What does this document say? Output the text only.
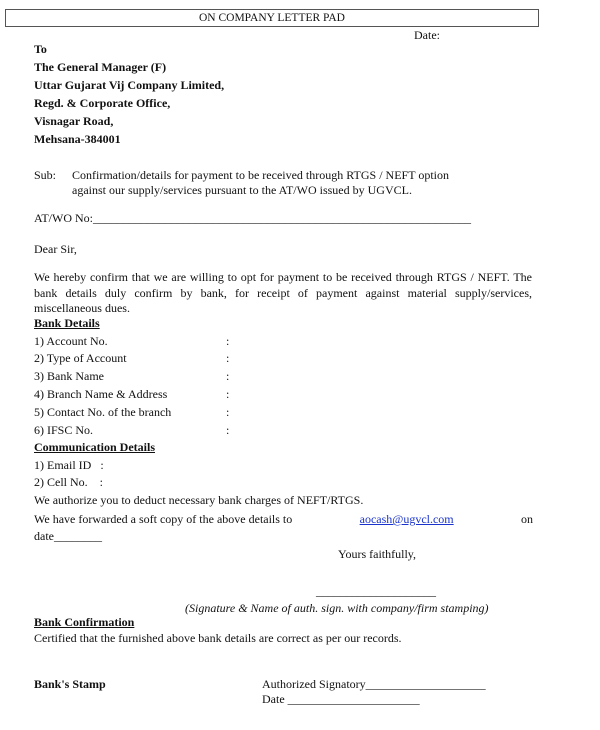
ON COMPANY LETTER PAD
Date:
To
The General Manager (F)
Uttar Gujarat Vij Company Limited,
Regd. & Corporate Office,
Visnagar Road,
Mehsana-384001
Sub: Confirmation/details for payment to be received through RTGS / NEFT option
against our supply/services pursuant to the AT/WO issued by UGVCL.
AT/WO No:_______________________________________________________________
Dear Sir,
We hereby confirm that we are willing to opt for payment to be received through RTGS / NEFT. The bank details duly confirm by bank, for receipt of payment against material supply/services, miscellaneous dues.
Bank Details
1) Account No.	:
2) Type of Account	:
3) Bank Name	:
4) Branch Name & Address	:
5) Contact No. of the branch	:
6) IFSC No.	:
Communication Details
1) Email ID   :
2) Cell No.    :
We authorize you to deduct necessary bank charges of NEFT/RTGS.
We have forwarded a soft copy of the above details to	aocash@ugvcl.com	on
date________
Yours faithfully,
____________________
(Signature & Name of auth. sign. with company/firm stamping)
Bank Confirmation
Certified that the furnished above bank details are correct as per our records.
Bank's Stamp	Authorized Signatory____________________
Date ______________________
